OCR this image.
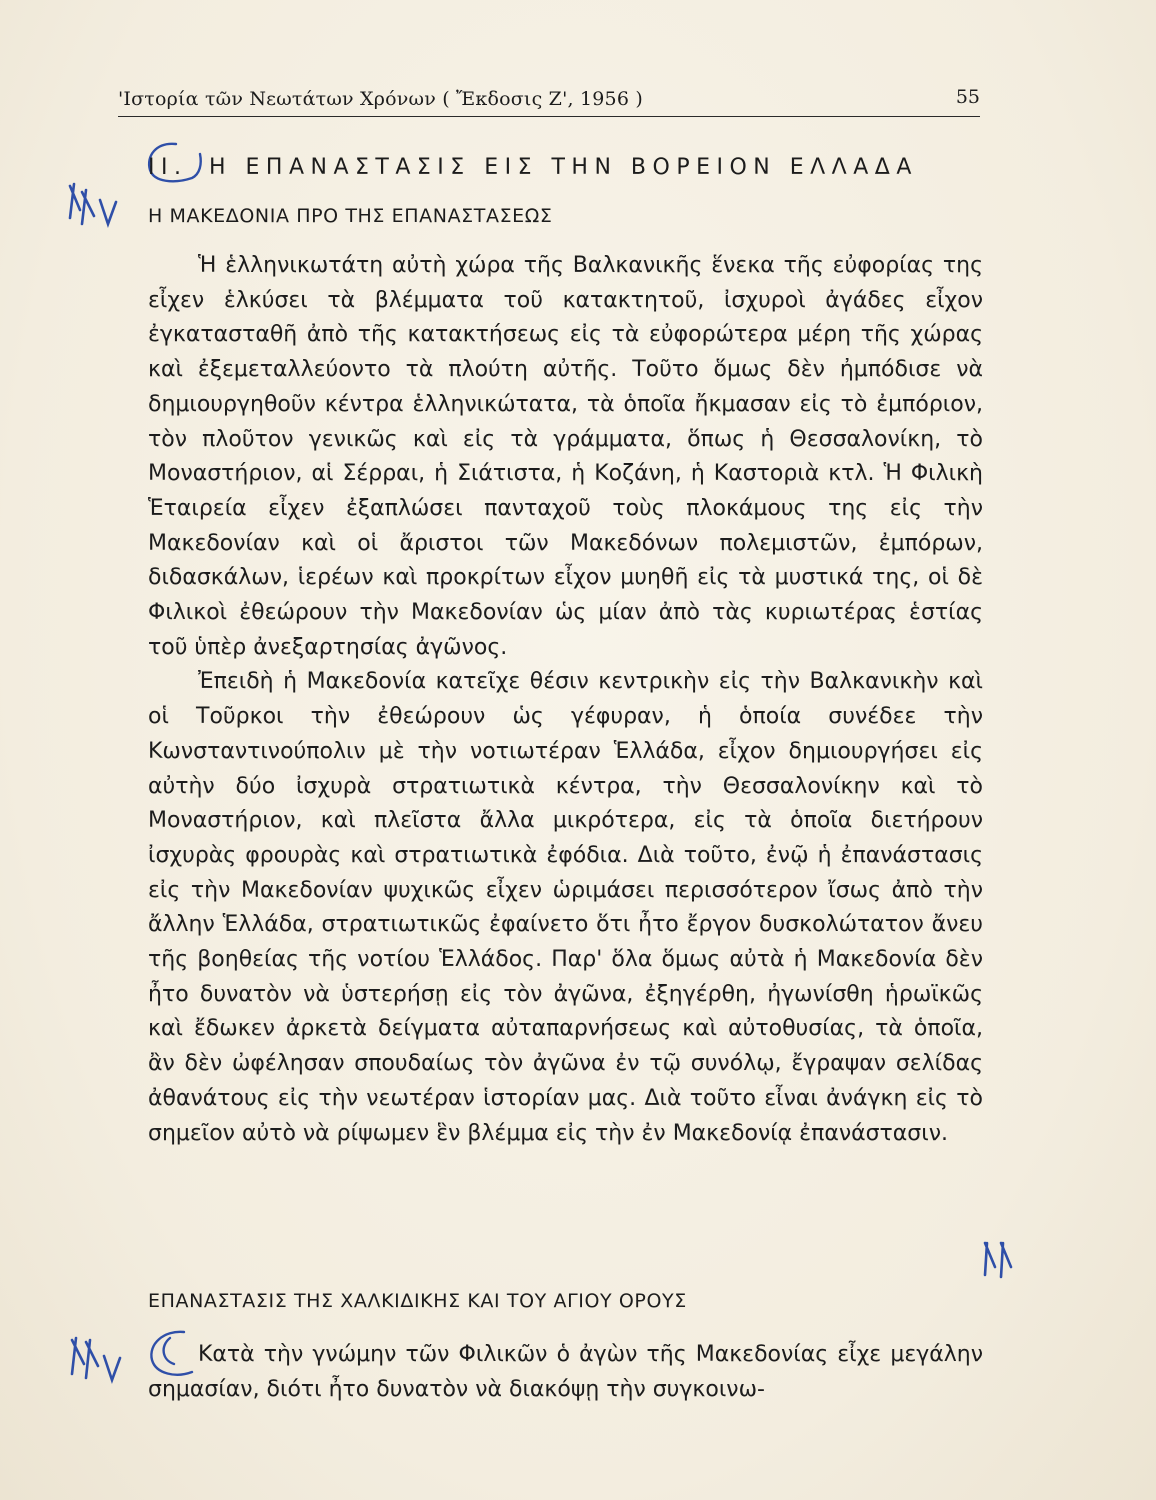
'Ιστορία τῶν Νεωτάτων Χρόνων ( Ἔκδοσις Ζ', 1956 )	55
II. Η ΕΠΑΝΑΣΤΑΣΙΣ ΕΙΣ ΤΗΝ ΒΟΡΕΙΟΝ ΕΛΛΑΔΑ
Η ΜΑΚΕΔΟΝΙΑ ΠΡΟ ΤΗΣ ΕΠΑΝΑΣΤΑΣΕΩΣ

Ἡ ἑλληνικωτάτη αὐτὴ χώρα τῆς Βαλκανικῆς ἕνεκα τῆς εὐφορίας της εἶχεν ἑλκύσει τὰ βλέμματα τοῦ κατακτητοῦ, ἰσχυροὶ ἀγάδες εἶχον ἐγκατασταθῆ ἀπὸ τῆς κατακτήσεως εἰς τὰ εὐφορώτερα μέρη τῆς χώρας καὶ ἐξεμεταλλεύοντο τὰ πλούτη αὐτῆς. Τοῦτο ὅμως δὲν ἠμπόδισε νὰ δημιουργηθοῦν κέντρα ἑλληνικώτατα, τὰ ὁποῖα ἤκμασαν εἰς τὸ ἐμπόριον, τὸν πλοῦτον γενικῶς καὶ εἰς τὰ γράμματα, ὅπως ἡ Θεσσαλονίκη, τὸ Μοναστήριον, αἱ Σέρραι, ἡ Σιάτιστα, ἡ Κοζάνη, ἡ Καστοριὰ κτλ. Ἡ Φιλικὴ Ἑταιρεία εἶχεν ἐξαπλώσει πανταχοῦ τοὺς πλοκάμους της εἰς τὴν Μακεδονίαν καὶ οἱ ἄριστοι τῶν Μακεδόνων πολεμιστῶν, ἐμπόρων, διδασκάλων, ἱερέων καὶ προκρίτων εἶχον μυηθῆ εἰς τὰ μυστικά της, οἱ δὲ Φιλικοὶ ἐθεώρουν τὴν Μακεδονίαν ὡς μίαν ἀπὸ τὰς κυριωτέρας ἑστίας τοῦ ὑπὲρ ἀνεξαρτησίας ἀγῶνος.

Ἐπειδὴ ἡ Μακεδονία κατεῖχε θέσιν κεντρικὴν εἰς τὴν Βαλκανικὴν καὶ οἱ Τοῦρκοι τὴν ἐθεώρουν ὡς γέφυραν, ἡ ὁποία συνέδεε τὴν Κωνσταντινούπολιν μὲ τὴν νοτιωτέραν Ἑλλάδα, εἶχον δημιουργήσει εἰς αὐτὴν δύο ἰσχυρὰ στρατιωτικὰ κέντρα, τὴν Θεσσαλονίκην καὶ τὸ Μοναστήριον, καὶ πλεῖστα ἄλλα μικρότερα, εἰς τὰ ὁποῖα διετήρουν ἰσχυρὰς φρουρὰς καὶ στρατιωτικὰ ἐφόδια. Διὰ τοῦτο, ἐνῷ ἡ ἐπανάστασις εἰς τὴν Μακεδονίαν ψυχικῶς εἶχεν ὡριμάσει περισσότερον ἴσως ἀπὸ τὴν ἄλλην Ἑλλάδα, στρατιωτικῶς ἐφαίνετο ὅτι ἦτο ἔργον δυσκολώτατον ἄνευ τῆς βοηθείας τῆς νοτίου Ἑλλάδος. Παρ' ὅλα ὅμως αὐτὰ ἡ Μακεδονία δὲν ἦτο δυνατὸν νὰ ὑστερήσῃ εἰς τὸν ἀγῶνα, ἐξηγέρθη, ἠγωνίσθη ἡρωϊκῶς καὶ ἔδωκεν ἀρκετὰ δείγματα αὐταπαρνήσεως καὶ αὐτοθυσίας, τὰ ὁποῖα, ἂν δὲν ὠφέλησαν σπουδαίως τὸν ἀγῶνα ἐν τῷ συνόλῳ, ἔγραψαν σελίδας ἀθανάτους εἰς τὴν νεωτέραν ἱστορίαν μας. Διὰ τοῦτο εἶναι ἀνάγκη εἰς τὸ σημεῖον αὐτὸ νὰ ρίψωμεν ἓν βλέμμα εἰς τὴν ἐν Μακεδονίᾳ ἐπανάστασιν.

ΕΠΑΝΑΣΤΑΣΙΣ ΤΗΣ ΧΑΛΚΙΔΙΚΗΣ ΚΑΙ ΤΟΥ ΑΓΙΟΥ ΟΡΟΥΣ

Κατὰ τὴν γνώμην τῶν Φιλικῶν ὁ ἀγὼν τῆς Μακεδονίας εἶχε μεγάλην σημασίαν, διότι ἦτο δυνατὸν νὰ διακόψῃ τὴν συγκοινω-
